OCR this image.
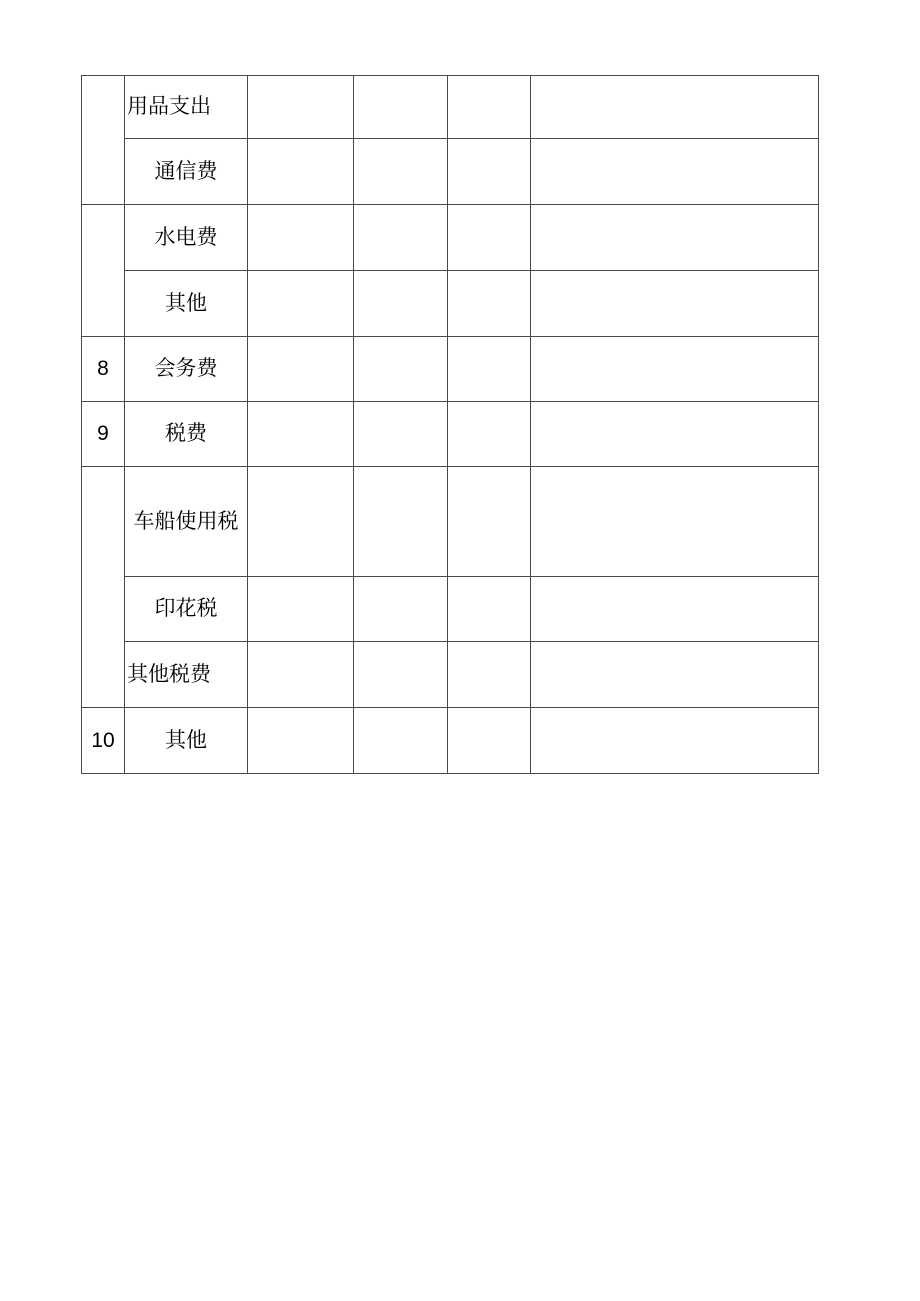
	用品支出				
	通信费				
	水电费				
	其他				
8	会务费				
9	税费				
	车船使用税				
	印花税				
	其他税费				
10	其他				
